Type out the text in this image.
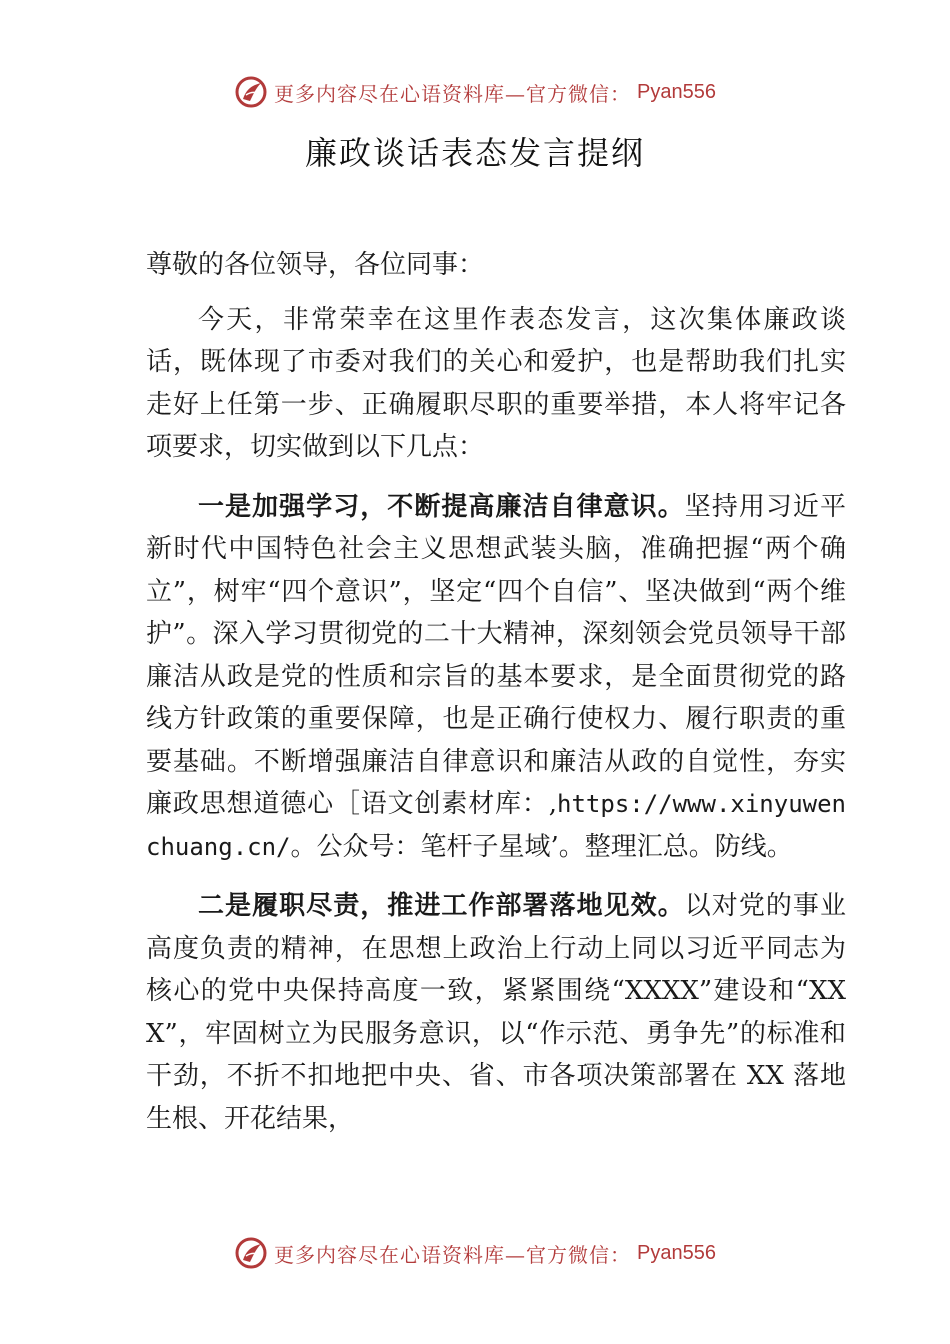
更多内容尽在心语资料库—官方微信： Pyan556
廉政谈话表态发言提纲

尊敬的各位领导，各位同事：

今天，非常荣幸在这里作表态发言，这次集体廉政谈话，既体现了市委对我们的关心和爱护，也是帮助我们扎实走好上任第一步、正确履职尽职的重要举措，本人将牢记各项要求，切实做到以下几点：

一是加强学习，不断提高廉洁自律意识。坚持用习近平新时代中国特色社会主义思想武装头脑，准确把握“两个确立”，树牢“四个意识”，坚定“四个自信”、坚决做到“两个维护”。深入学习贯彻党的二十大精神，深刻领会党员领导干部廉洁从政是党的性质和宗旨的基本要求，是全面贯彻党的路线方针政策的重要保障，也是正确行使权力、履行职责的重要基础。不断增强廉洁自律意识和廉洁从政的自觉性，夯实廉政思想道德心［语文创素材库：,https://www.xinyuwenchuang.cn/。公众号：笔杆子星域’。整理汇总。防线。

二是履职尽责，推进工作部署落地见效。以对党的事业高度负责的精神，在思想上政治上行动上同以习近平同志为核心的党中央保持高度一致，紧紧围绕“XXXX”建设和“XXX”，牢固树立为民服务意识，以“作示范、勇争先”的标准和干劲，不折不扣地把中央、省、市各项决策部署在 XX 落地生根、开花结果，

更多内容尽在心语资料库—官方微信： Pyan556
